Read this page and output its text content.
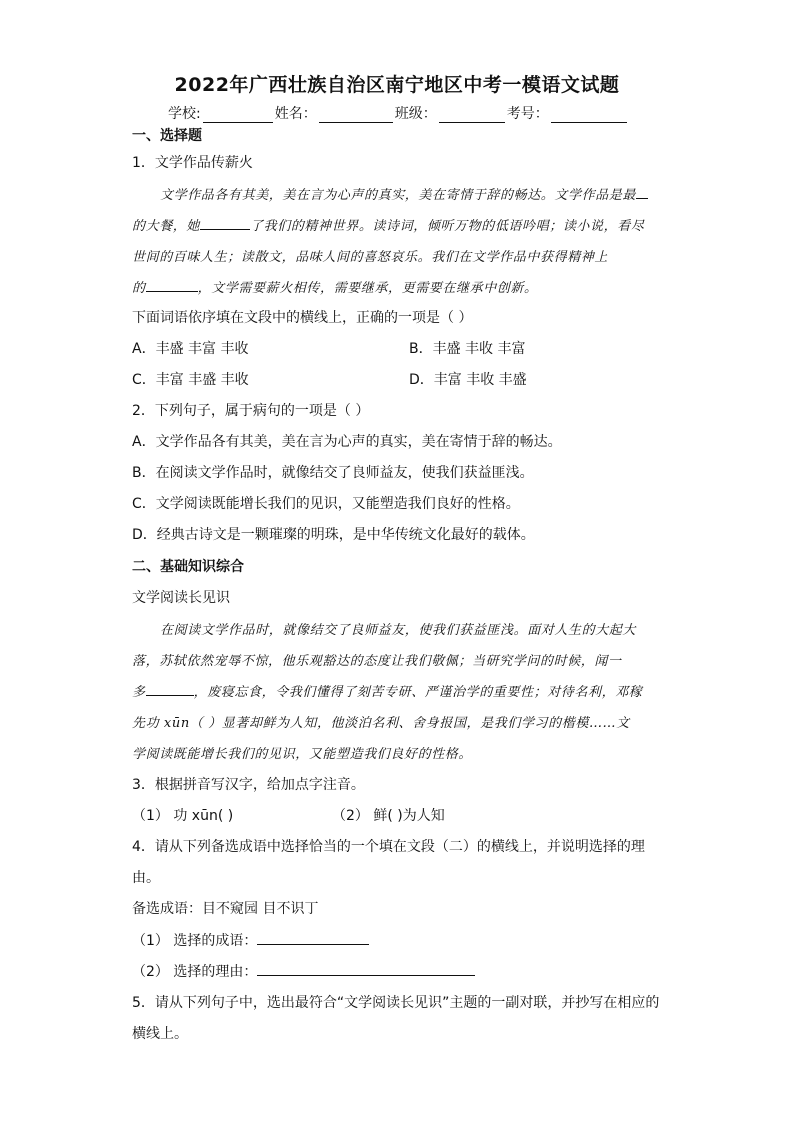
2022年广西壮族自治区南宁地区中考一模语文试题
学校:	姓名：	班级：	考号：
一、选择题
1．文学作品传薪火
文学作品各有其美，美在言为心声的真实，美在寄情于辞的畅达。文学作品是最
的大餐，她	了我们的精神世界。读诗词，倾听万物的低语吟唱；读小说，看尽
世间的百味人生；读散文，品味人间的喜怒哀乐。我们在文学作品中获得精神上
的	，文学需要薪火相传，需要继承，更需要在继承中创新。
下面词语依序填在文段中的横线上，正确的一项是（ ）
A．丰盛 丰富 丰收	B．丰盛 丰收 丰富
C．丰富 丰盛 丰收	D．丰富 丰收 丰盛
2．下列句子，属于病句的一项是（ ）
A．文学作品各有其美，美在言为心声的真实，美在寄情于辞的畅达。
B．在阅读文学作品时，就像结交了良师益友，使我们获益匪浅。
C．文学阅读既能增长我们的见识，又能塑造我们良好的性格。
D．经典古诗文是一颗璀璨的明珠，是中华传统文化最好的载体。
二、基础知识综合
文学阅读长见识
在阅读文学作品时，就像结交了良师益友，使我们获益匪浅。面对人生的大起大
落，苏轼依然宠辱不惊，他乐观豁达的态度让我们敬佩；当研究学问的时候，闻一
多	，废寝忘食，令我们懂得了刻苦专研、严谨治学的重要性；对待名利，邓稼
先功 xūn（ ）显著却鲜为人知，他淡泊名利、舍身报国，是我们学习的楷模……文
学阅读既能增长我们的见识，又能塑造我们良好的性格。
3．根据拼音写汉字，给加点字注音。
（1） 功 xūn( )	（2） 鲜( )为人知
4．请从下列备选成语中选择恰当的一个填在文段（二）的横线上，并说明选择的理
由。
备选成语：目不窥园 目不识丁
（1） 选择的成语：
（2） 选择的理由：
5．请从下列句子中，选出最符合“文学阅读长见识”主题的一副对联，并抄写在相应的
横线上。
